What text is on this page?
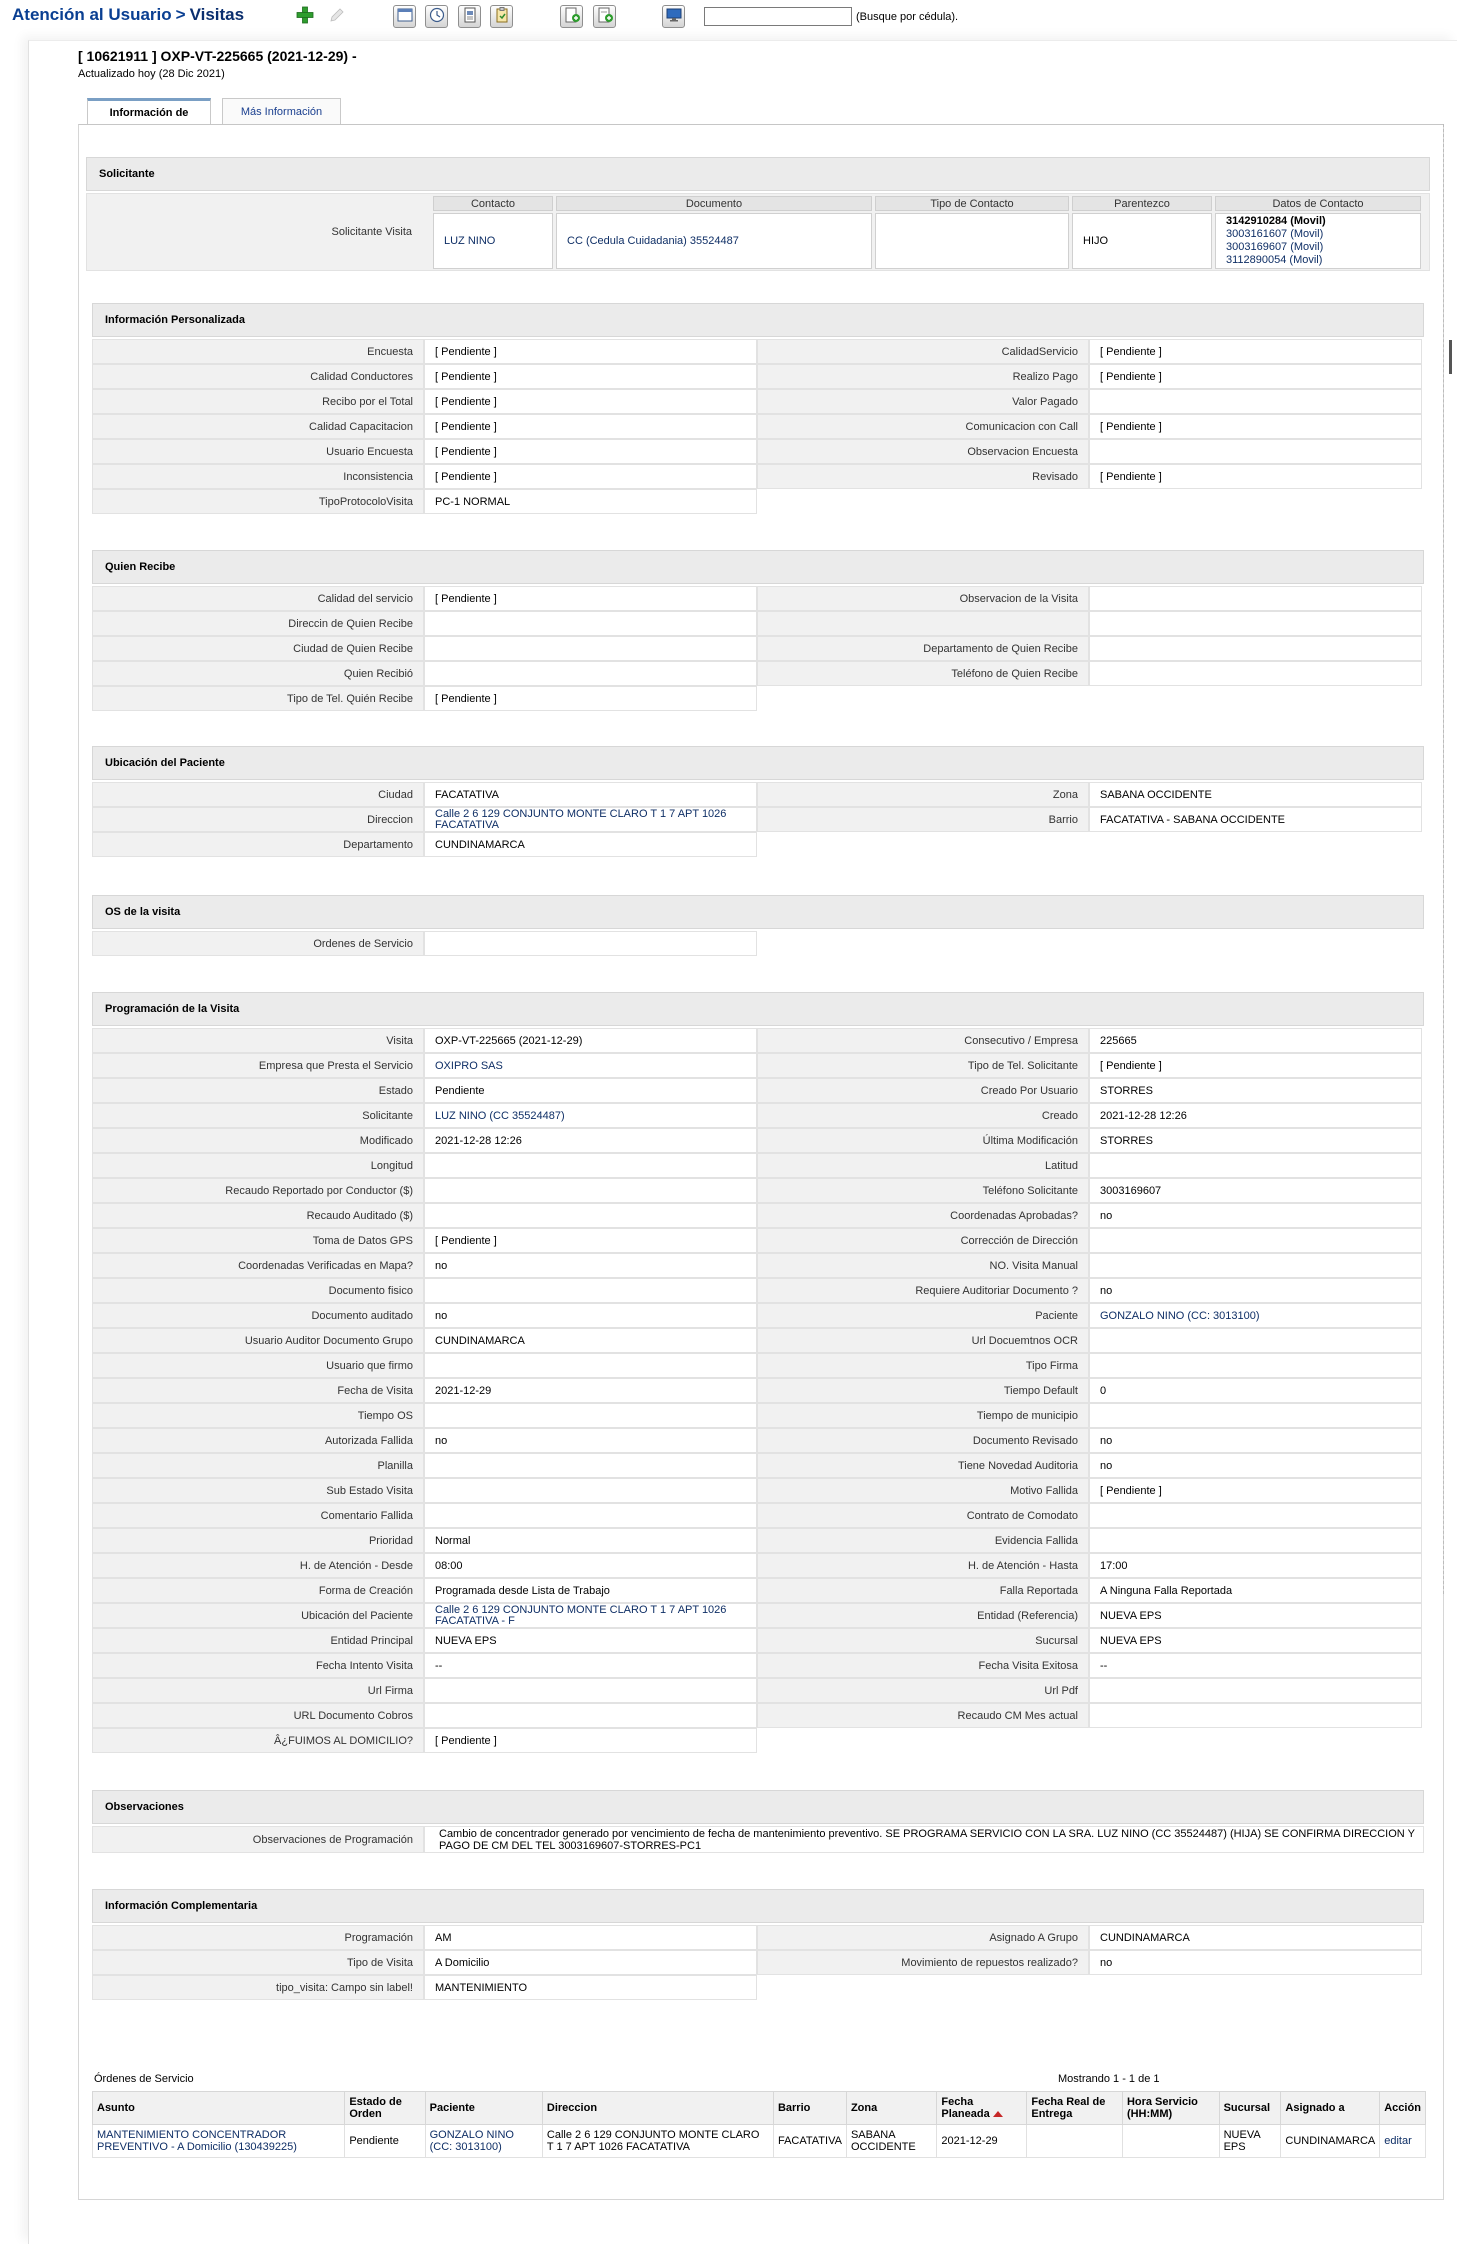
Atención al Usuario > Visitas	(Busque por cédula).
[ 10621911 ] OXP-VT-225665 (2021-12-29) -
Actualizado hoy (28 Dic 2021)
Información de	Más Información
Solicitante
Solicitante Visita
Contacto	Documento	Tipo de Contacto	Parentezco	Datos de Contacto
LUZ NINO	CC (Cedula Cuidadania) 35524487		HIJO	3142910284 (Movil)
3003161607 (Movil)
3003169607 (Movil)
3112890054 (Movil)
Información Personalizada
Encuesta	[ Pendiente ]
Calidad Conductores	[ Pendiente ]
Recibo por el Total	[ Pendiente ]
Calidad Capacitacion	[ Pendiente ]
Usuario Encuesta	[ Pendiente ]
Inconsistencia	[ Pendiente ]
TipoProtocoloVisita	PC-1 NORMAL
CalidadServicio	[ Pendiente ]
Realizo Pago	[ Pendiente ]
Valor Pagado
Comunicacion con Call	[ Pendiente ]
Observacion Encuesta
Revisado	[ Pendiente ]
Quien Recibe
Calidad del servicio	[ Pendiente ]
Direccin de Quien Recibe
Ciudad de Quien Recibe
Quien Recibió
Tipo de Tel. Quién Recibe	[ Pendiente ]
Observacion de la Visita
Departamento de Quien Recibe
Teléfono de Quien Recibe
Ubicación del Paciente
Ciudad	FACATATIVA
Direccion	Calle 2 6 129 CONJUNTO MONTE CLARO T 1 7 APT 1026 FACATATIVA
Departamento	CUNDINAMARCA
Zona	SABANA OCCIDENTE
Barrio	FACATATIVA - SABANA OCCIDENTE
OS de la visita
Ordenes de Servicio
Programación de la Visita
Visita	OXP-VT-225665 (2021-12-29)
Empresa que Presta el Servicio	OXIPRO SAS
Estado	Pendiente
Solicitante	LUZ NINO (CC 35524487)
Modificado	2021-12-28 12:26
Longitud
Recaudo Reportado por Conductor ($)
Recaudo Auditado ($)
Toma de Datos GPS	[ Pendiente ]
Coordenadas Verificadas en Mapa?	no
Documento fisico
Documento auditado	no
Usuario Auditor Documento Grupo	CUNDINAMARCA
Usuario que firmo
Fecha de Visita	2021-12-29
Tiempo OS
Autorizada Fallida	no
Planilla
Sub Estado Visita
Comentario Fallida
Prioridad	Normal
H. de Atención - Desde	08:00
Forma de Creación	Programada desde Lista de Trabajo
Ubicación del Paciente	Calle 2 6 129 CONJUNTO MONTE CLARO T 1 7 APT 1026 FACATATIVA - F
Entidad Principal	NUEVA EPS
Fecha Intento Visita	--
Url Firma
URL Documento Cobros
Â¿FUIMOS AL DOMICILIO?	[ Pendiente ]
Consecutivo / Empresa	225665
Tipo de Tel. Solicitante	[ Pendiente ]
Creado Por Usuario	STORRES
Creado	2021-12-28 12:26
Última Modificación	STORRES
Latitud
Teléfono Solicitante	3003169607
Coordenadas Aprobadas?	no
Corrección de Dirección
NO. Visita Manual
Requiere Auditoriar Documento ?	no
Paciente	GONZALO NINO (CC: 3013100)
Url Docuemtnos OCR
Tipo Firma
Tiempo Default	0
Tiempo de municipio
Documento Revisado	no
Tiene Novedad Auditoria	no
Motivo Fallida	[ Pendiente ]
Contrato de Comodato
Evidencia Fallida
H. de Atención - Hasta	17:00
Falla Reportada	A Ninguna Falla Reportada
Entidad (Referencia)	NUEVA EPS
Sucursal	NUEVA EPS
Fecha Visita Exitosa	--
Url Pdf
Recaudo CM Mes actual
Información Complementaria
Programación	AM
Tipo de Visita	A Domicilio
tipo_visita: Campo sin label!	MANTENIMIENTO
Asignado A Grupo	CUNDINAMARCA
Movimiento de repuestos realizado?	no
Observaciones
Observaciones de Programación	Cambio de concentrador generado por vencimiento de fecha de mantenimiento preventivo. SE PROGRAMA SERVICIO CON LA SRA. LUZ NINO (CC 35524487) (HIJA) SE CONFIRMA DIRECCION Y PAGO DE CM DEL TEL 3003169607-STORRES-PC1
Órdenes de Servicio	Mostrando 1 - 1 de 1
Asunto	Estado de Orden	Paciente	Direccion	Barrio	Zona	Fecha Planeada	Fecha Real de Entrega	Hora Servicio (HH:MM)	Sucursal	Asignado a	Acción
MANTENIMIENTO CONCENTRADOR PREVENTIVO - A Domicilio (130439225)	Pendiente	GONZALO NINO (CC: 3013100)	Calle 2 6 129 CONJUNTO MONTE CLARO T 1 7 APT 1026 FACATATIVA	FACATATIVA	SABANA OCCIDENTE	2021-12-29			NUEVA EPS	CUNDINAMARCA	editar
